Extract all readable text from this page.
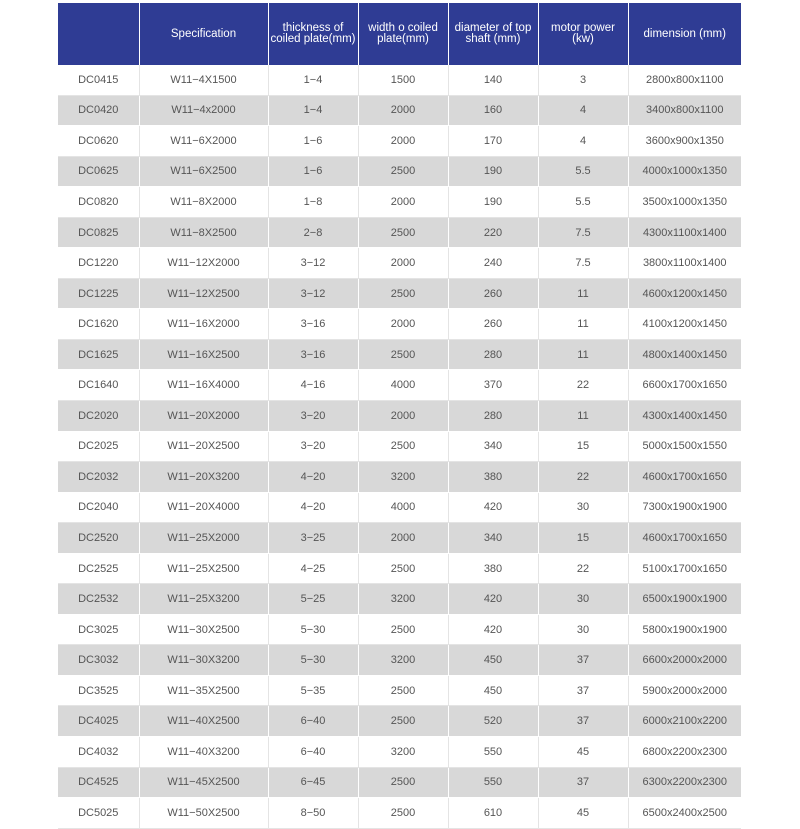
	Specification	thickness of coiled plate(mm)	width o coiled plate(mm)	diameter of top shaft (mm)	motor power (kw)	dimension (mm)
DC0415	W11−4X1500	1−4	1500	140	3	2800x800x1100
DC0420	W11−4x2000	1−4	2000	160	4	3400x800x1100
DC0620	W11−6X2000	1−6	2000	170	4	3600x900x1350
DC0625	W11−6X2500	1−6	2500	190	5.5	4000x1000x1350
DC0820	W11−8X2000	1−8	2000	190	5.5	3500x1000x1350
DC0825	W11−8X2500	2−8	2500	220	7.5	4300x1100x1400
DC1220	W11−12X2000	3−12	2000	240	7.5	3800x1100x1400
DC1225	W11−12X2500	3−12	2500	260	11	4600x1200x1450
DC1620	W11−16X2000	3−16	2000	260	11	4100x1200x1450
DC1625	W11−16X2500	3−16	2500	280	11	4800x1400x1450
DC1640	W11−16X4000	4−16	4000	370	22	6600x1700x1650
DC2020	W11−20X2000	3−20	2000	280	11	4300x1400x1450
DC2025	W11−20X2500	3−20	2500	340	15	5000x1500x1550
DC2032	W11−20X3200	4−20	3200	380	22	4600x1700x1650
DC2040	W11−20X4000	4−20	4000	420	30	7300x1900x1900
DC2520	W11−25X2000	3−25	2000	340	15	4600x1700x1650
DC2525	W11−25X2500	4−25	2500	380	22	5100x1700x1650
DC2532	W11−25X3200	5−25	3200	420	30	6500x1900x1900
DC3025	W11−30X2500	5−30	2500	420	30	5800x1900x1900
DC3032	W11−30X3200	5−30	3200	450	37	6600x2000x2000
DC3525	W11−35X2500	5−35	2500	450	37	5900x2000x2000
DC4025	W11−40X2500	6−40	2500	520	37	6000x2100x2200
DC4032	W11−40X3200	6−40	3200	550	45	6800x2200x2300
DC4525	W11−45X2500	6−45	2500	550	37	6300x2200x2300
DC5025	W11−50X2500	8−50	2500	610	45	6500x2400x2500
